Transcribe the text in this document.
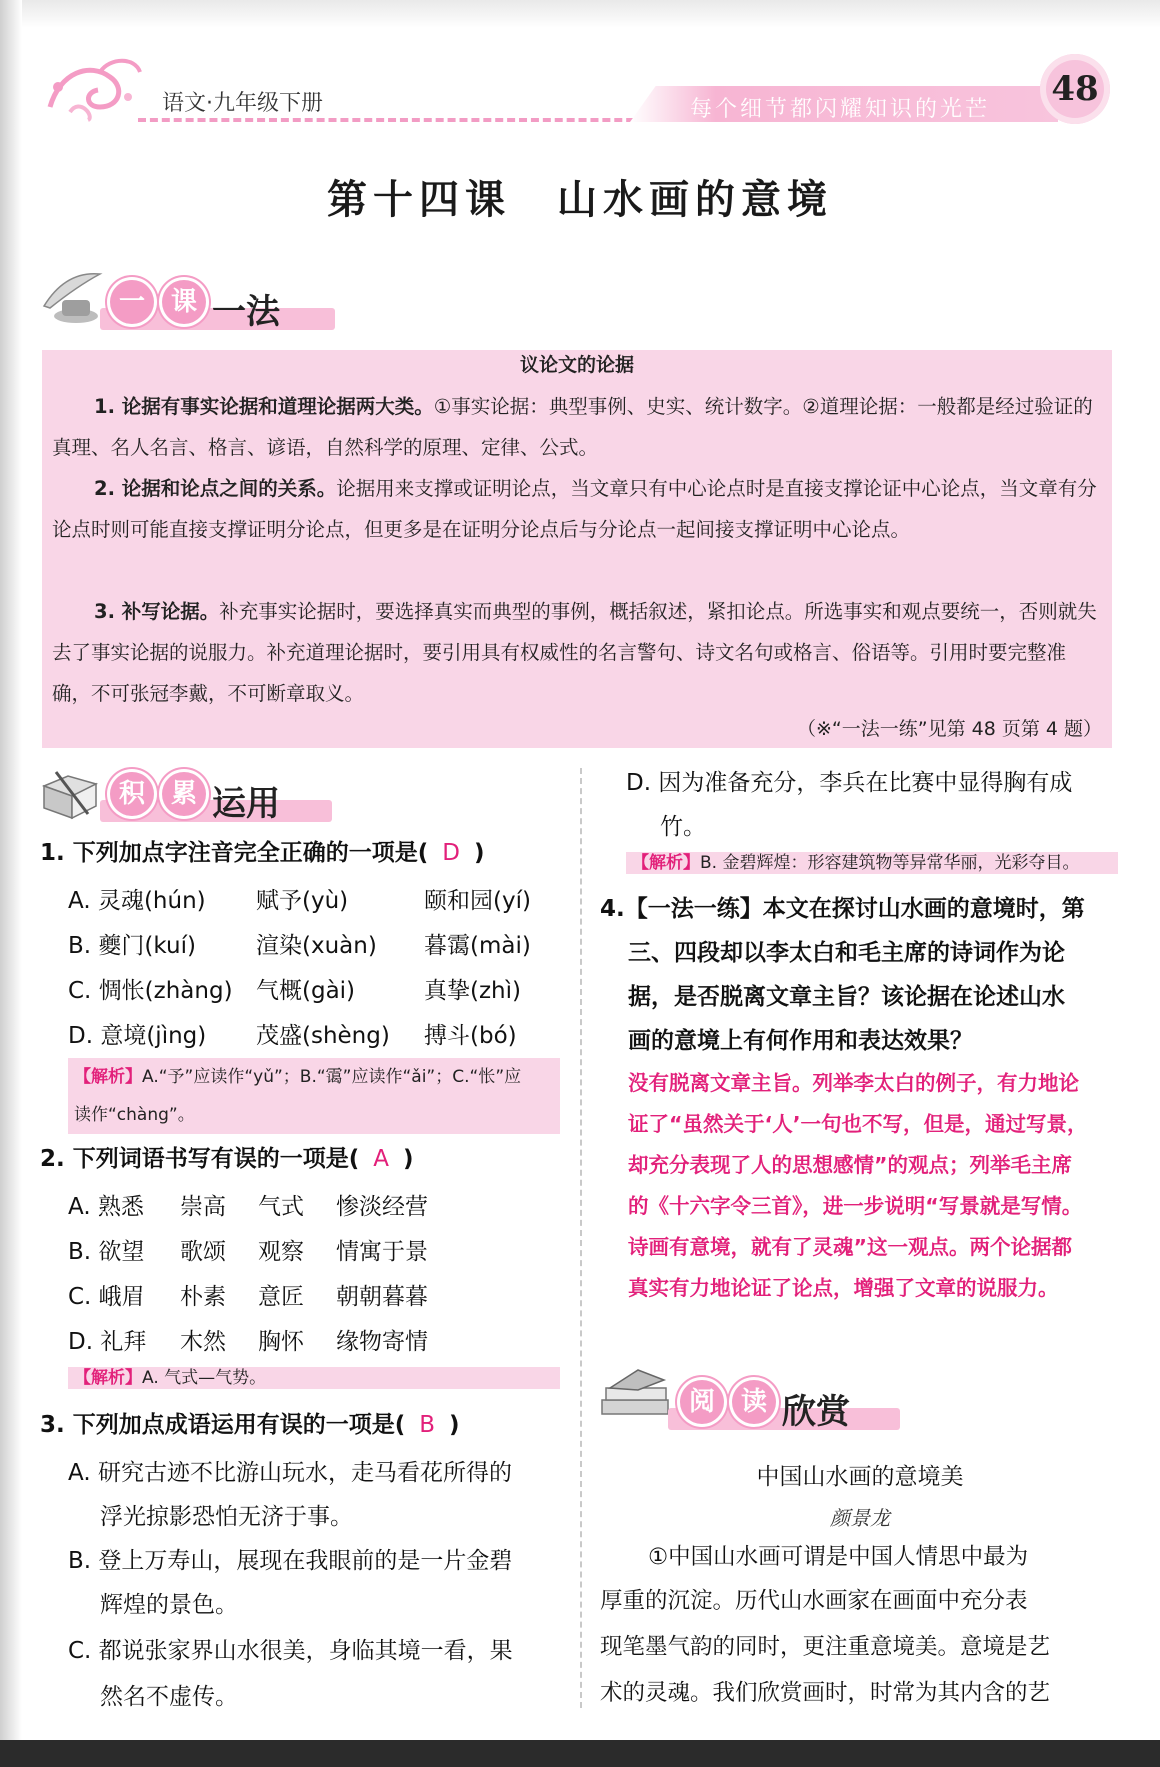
语文·九年级下册	每个细节都闪耀知识的光芒
48
第十四课　山水画的意境
一 课 一法
议论文的论据

1. 论据有事实论据和道理论据两大类。①事实论据：典型事例、史实、统计数字。②道理论据：一般都是经过验证的真理、名人名言、格言、谚语，自然科学的原理、定律、公式。

2. 论据和论点之间的关系。论据用来支撑或证明论点，当文章只有中心论点时是直接支撑论证中心论点，当文章有分论点时则可能直接支撑证明分论点，但更多是在证明分论点后与分论点一起间接支撑证明中心论点。

3. 补写论据。补充事实论据时，要选择真实而典型的事例，概括叙述，紧扣论点。所选事实和观点要统一，否则就失去了事实论据的说服力。补充道理论据时，要引用具有权威性的名言警句、诗文名句或格言、俗语等。引用时要完整准确，不可张冠李戴，不可断章取义。

（※“一法一练”见第 48 页第 4 题）
积 累 运用
1. 下列加点字注音完全正确的一项是( D )
A. 灵魂(hún) 赋予(yù)	颐和园(yí)
B. 夔门(kuí)	渲染(xuàn) 暮霭(mài)
C. 惆怅(zhàng) 气概(gài)	真挚(zhì)
D. 意境(jìng) 茂盛(shèng) 搏斗(bó)
【解析】A.“予”应读作“yǔ”；B.“霭”应读作“ǎi”；C.“怅”应
读作“chàng”。
2. 下列词语书写有误的一项是( A )
A. 熟悉 崇高 气式 惨淡经营
B. 欲望 歌颂 观察 情寓于景
C. 峨眉 朴素 意匠 朝朝暮暮
D. 礼拜 木然 胸怀 缘物寄情
【解析】A. 气式—气势。
3. 下列加点成语运用有误的一项是( B )
A. 研究古迹不比游山玩水，走马看花所得的
浮光掠影恐怕无济于事。
B. 登上万寿山，展现在我眼前的是一片金碧
辉煌的景色。
C. 都说张家界山水很美，身临其境一看，果
然名不虚传。
D. 因为准备充分，李兵在比赛中显得胸有成
竹。
【解析】B. 金碧辉煌：形容建筑物等异常华丽，光彩夺目。
4.【一法一练】本文在探讨山水画的意境时，第
三、四段却以李太白和毛主席的诗词作为论
据，是否脱离文章主旨？该论据在论述山水
画的意境上有何作用和表达效果？
没有脱离文章主旨。列举李太白的例子，有力地论
证了“虽然关于‘人’一句也不写，但是，通过写景，
却充分表现了人的思想感情”的观点；列举毛主席
的《十六字令三首》，进一步说明“写景就是写情。
诗画有意境，就有了灵魂”这一观点。两个论据都
真实有力地论证了论点，增强了文章的说服力。
阅 读 欣赏
中国山水画的意境美
颜景龙
①中国山水画可谓是中国人情思中最为
厚重的沉淀。历代山水画家在画面中充分表
现笔墨气韵的同时，更注重意境美。意境是艺
术的灵魂。我们欣赏画时，时常为其内含的艺
